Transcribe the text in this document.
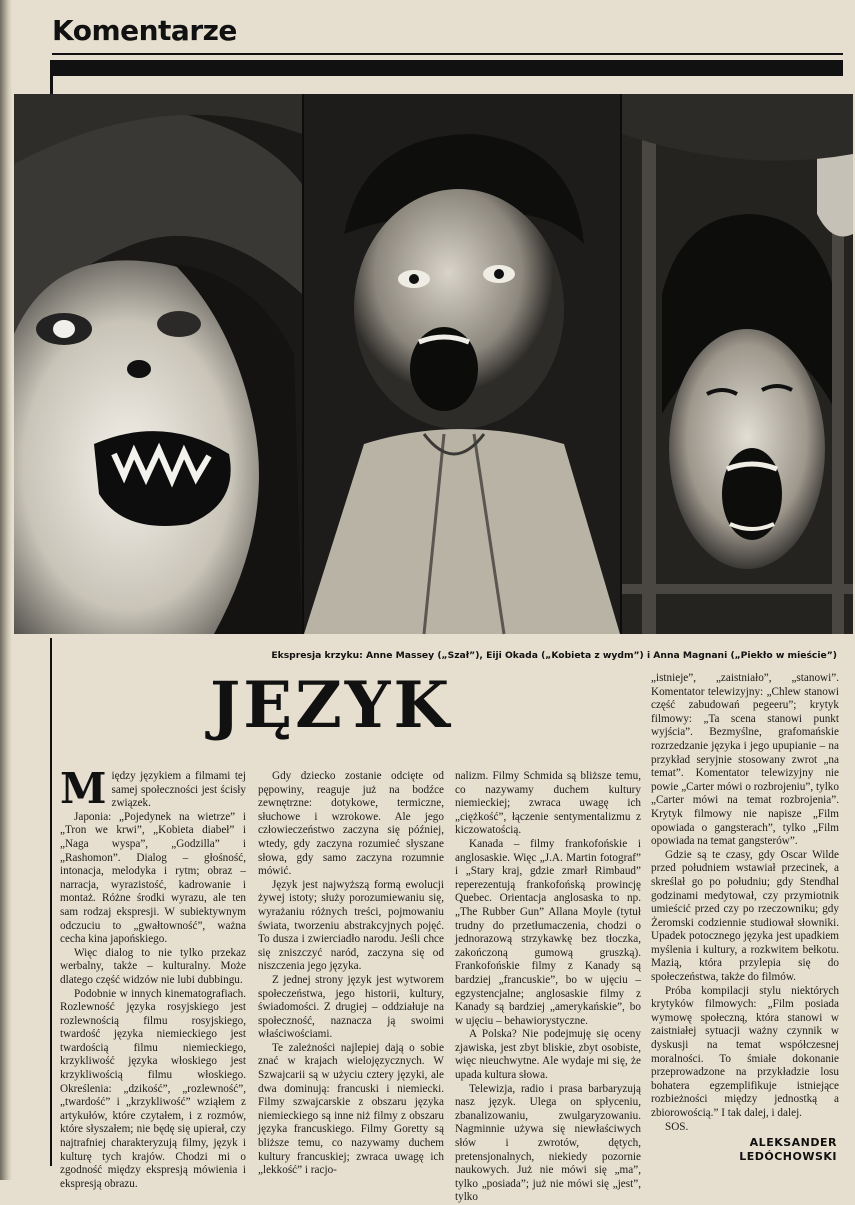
Komentarze
Ekspresja krzyku: Anne Massey („Szał”), Eiji Okada („Kobieta z wydm”) i Anna Magnani („Piekło w mieście”)
JĘZYK

Między językiem a filmami tej samej społeczności jest ścisły związek.

Japonia: „Pojedynek na wietrze” i „Tron we krwi”, „Kobieta diabeł” i „Naga wyspa”, „Godzilla” i „Rashomon”. Dialog – głośność, intonacja, melodyka i rytm; obraz – narracja, wyrazistość, kadrowanie i montaż. Różne środki wyrazu, ale ten sam rodzaj ekspresji. W subiektywnym odczuciu to „gwałtowność”, ważna cecha kina japońskiego.

Więc dialog to nie tylko przekaz werbalny, także – kulturalny. Może dlatego część widzów nie lubi dubbingu.

Podobnie w innych kinematografiach. Rozlewność języka rosyjskiego jest rozlewnością filmu rosyjskiego, twardość języka niemieckiego jest twardością filmu niemieckiego, krzykliwość języka włoskiego jest krzykliwością filmu włoskiego. Określenia: „dzikość”, „rozlewność”, „twardość” i „krzykliwość” wziąłem z artykułów, które czytałem, i z rozmów, które słyszałem; nie będę się upierał, czy najtrafniej charakteryzują filmy, język i kulturę tych krajów. Chodzi mi o zgodność między ekspresją mówienia i ekspresją obrazu.

Gdy dziecko zostanie odcięte od pępowiny, reaguje już na bodźce zewnętrzne: dotykowe, termiczne, słuchowe i wzrokowe. Ale jego człowieczeństwo zaczyna się później, wtedy, gdy zaczyna rozumieć słyszane słowa, gdy samo zaczyna rozumnie mówić.

Język jest najwyższą formą ewolucji żywej istoty; służy porozumiewaniu się, wyrażaniu różnych treści, pojmowaniu świata, tworzeniu abstrakcyjnych pojęć. To dusza i zwierciadło narodu. Jeśli chce się zniszczyć naród, zaczyna się od niszczenia jego języka.

Z jednej strony język jest wytworem społeczeństwa, jego historii, kultury, świadomości. Z drugiej – oddziałuje na społeczność, naznacza ją swoimi właściwościami.

Te zależności najlepiej dają o sobie znać w krajach wielojęzycznych. W Szwajcarii są w użyciu cztery języki, ale dwa dominują: francuski i niemiecki. Filmy szwajcarskie z obszaru języka niemieckiego są inne niż filmy z obszaru języka francuskiego. Filmy Goretty są bliższe temu, co nazywamy duchem kultury francuskiej; zwraca uwagę ich „lekkość” i racjo-

nalizm. Filmy Schmida są bliższe temu, co nazywamy duchem kultury niemieckiej; zwraca uwagę ich „ciężkość”, łączenie sentymentalizmu z kiczowatością.

Kanada – filmy frankofońskie i anglosaskie. Więc „J.A. Martin fotograf” i „Stary kraj, gdzie zmarł Rimbaud” reperezentują frankofońską prowincję Quebec. Orientacja anglosaska to np. „The Rubber Gun” Allana Moyle (tytuł trudny do przetłumaczenia, chodzi o jednorazową strzykawkę bez tłoczka, zakończoną gumową gruszką). Frankofońskie filmy z Kanady są bardziej „francuskie”, bo w ujęciu – egzystencjalne; anglosaskie filmy z Kanady są bardziej „amerykańskie”, bo w ujęciu – behawiorystyczne.

A Polska? Nie podejmuję się oceny zjawiska, jest zbyt bliskie, zbyt osobiste, więc nieuchwytne. Ale wydaje mi się, że upada kultura słowa.

Telewizja, radio i prasa barbaryzują nasz język. Ulega on spłyceniu, zbanalizowaniu, zwulgaryzowaniu. Nagminnie używa się niewłaściwych słów i zwrotów, dętych, pretensjonalnych, niekiedy pozornie naukowych. Już nie mówi się „ma”, tylko „posiada”; już nie mówi się „jest”, tylko

„istnieje”, „zaistniało”, „stanowi”. Komentator telewizyjny: „Chlew stanowi część zabudowań pegeeru”; krytyk filmowy: „Ta scena stanowi punkt wyjścia”. Bezmyślne, grafomańskie rozrzedzanie języka i jego upupianie – na przykład seryjnie stosowany zwrot „na temat”. Komentator telewizyjny nie powie „Carter mówi o rozbrojeniu”, tylko „Carter mówi na temat rozbrojenia”. Krytyk filmowy nie napisze „Film opowiada o gangsterach”, tylko „Film opowiada na temat gangsterów”.

Gdzie są te czasy, gdy Oscar Wilde przed południem wstawiał przecinek, a skreślał go po południu; gdy Stendhal godzinami medytował, czy przymiotnik umieścić przed czy po rzeczowniku; gdy Żeromski codziennie studiował słowniki. Upadek potocznego języka jest upadkiem myślenia i kultury, a rozkwitem bełkotu. Mazią, która przylepia się do społeczeństwa, także do filmów.

Próba kompilacji stylu niektórych krytyków filmowych: „Film posiada wymowę społeczną, która stanowi w zaistniałej sytuacji ważny czynnik w dyskusji na temat współczesnej moralności. To śmiałe dokonanie przeprowadzone na przykładzie losu bohatera egzemplifikuje istniejące rozbieżności między jednostką a zbiorowością.” I tak dalej, i dalej.

SOS.

ALEKSANDER
LEDÓCHOWSKI
